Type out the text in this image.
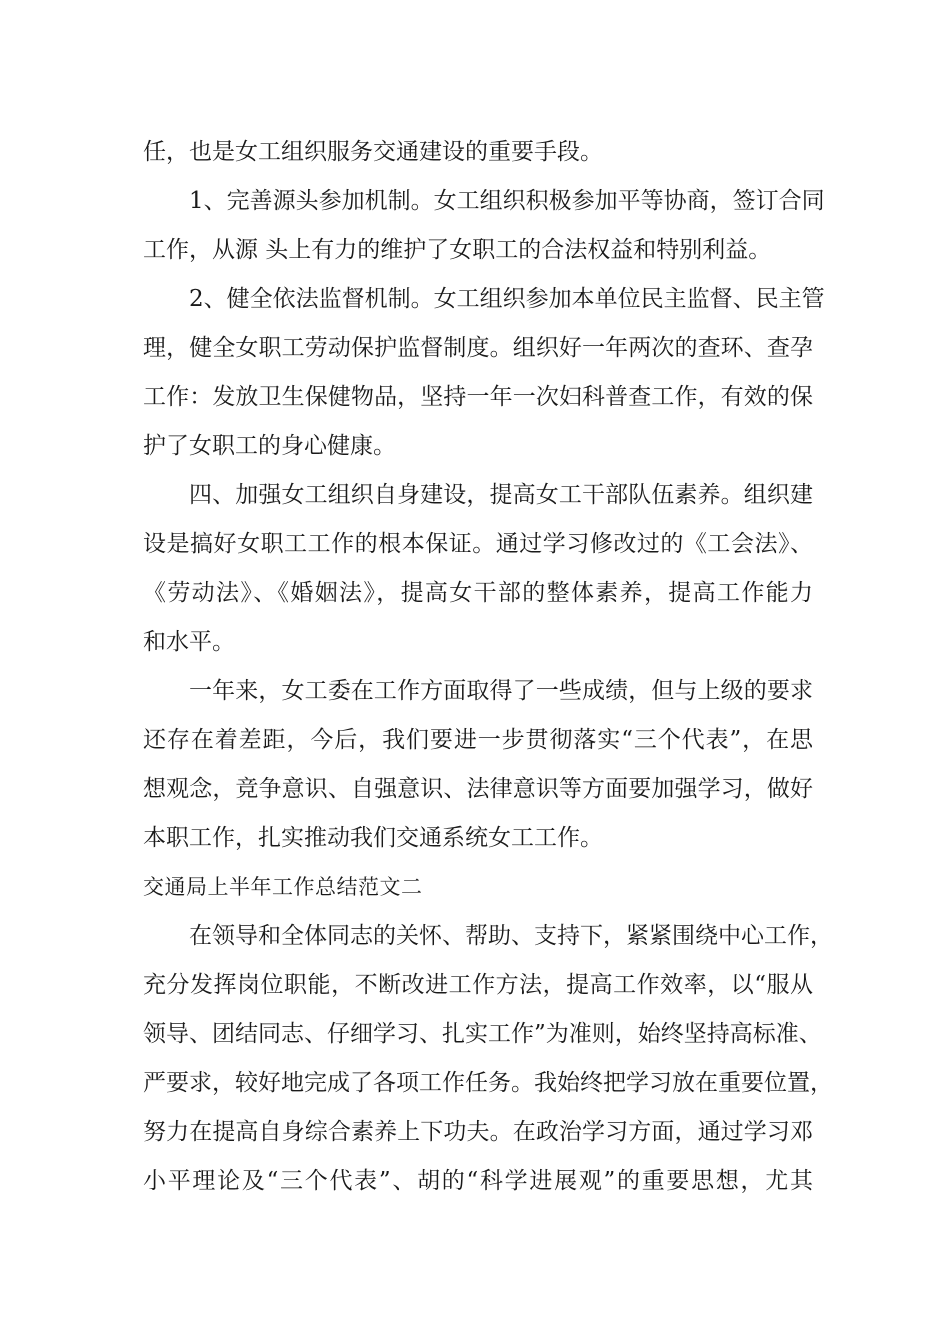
任，也是女工组织服务交通建设的重要手段。
1、完善源头参加机制。女工组织积极参加平等协商，签订合同
工作，从源 头上有力的维护了女职工的合法权益和特别利益。
2、健全依法监督机制。女工组织参加本单位民主监督、民主管
理，健全女职工劳动保护监督制度。组织好一年两次的查环、查孕
工作：发放卫生保健物品，坚持一年一次妇科普查工作，有效的保
护了女职工的身心健康。
四、加强女工组织自身建设，提高女工干部队伍素养。组织建
设是搞好女职工工作的根本保证。通过学习修改过的《工会法》、
《劳动法》、《婚姻法》，提高女干部的整体素养，提高工作能力
和水平。
一年来，女工委在工作方面取得了一些成绩，但与上级的要求
还存在着差距，今后，我们要进一步贯彻落实“三个代表”，在思
想观念，竞争意识、自强意识、法律意识等方面要加强学习，做好
本职工作，扎实推动我们交通系统女工工作。
交通局上半年工作总结范文二
在领导和全体同志的关怀、帮助、支持下，紧紧围绕中心工作，
充分发挥岗位职能，不断改进工作方法，提高工作效率，以“服从
领导、团结同志、仔细学习、扎实工作”为准则，始终坚持高标准、
严要求，较好地完成了各项工作任务。我始终把学习放在重要位置，
努力在提高自身综合素养上下功夫。在政治学习方面，通过学习邓
小平理论及“三个代表”、胡的“科学进展观”的重要思想，尤其
